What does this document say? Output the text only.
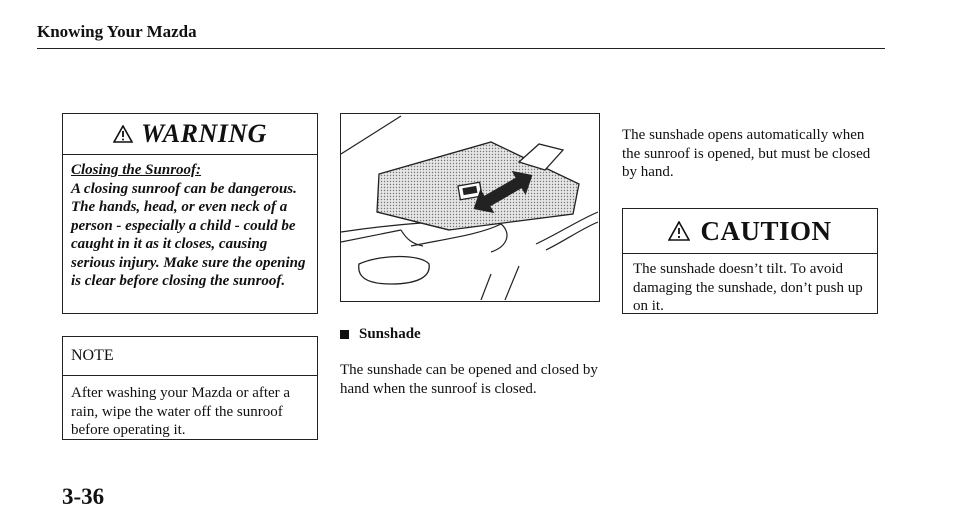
Knowing Your Mazda
WARNING
Closing the Sunroof:
A closing sunroof can be dangerous. The hands, head, or even neck of a person - especially a child - could be caught in it as it closes, causing serious injury. Make sure the opening is clear before closing the sunroof.
NOTE
After washing your Mazda or after a rain, wipe the water off the sunroof before operating it.
3-36
Sunshade
The sunshade can be opened and closed by hand when the sunroof is closed.
The sunshade opens automatically when the sunroof is opened, but must be closed by hand.
CAUTION
The sunshade doesn’t tilt. To avoid damaging the sunshade, don’t push up on it.
